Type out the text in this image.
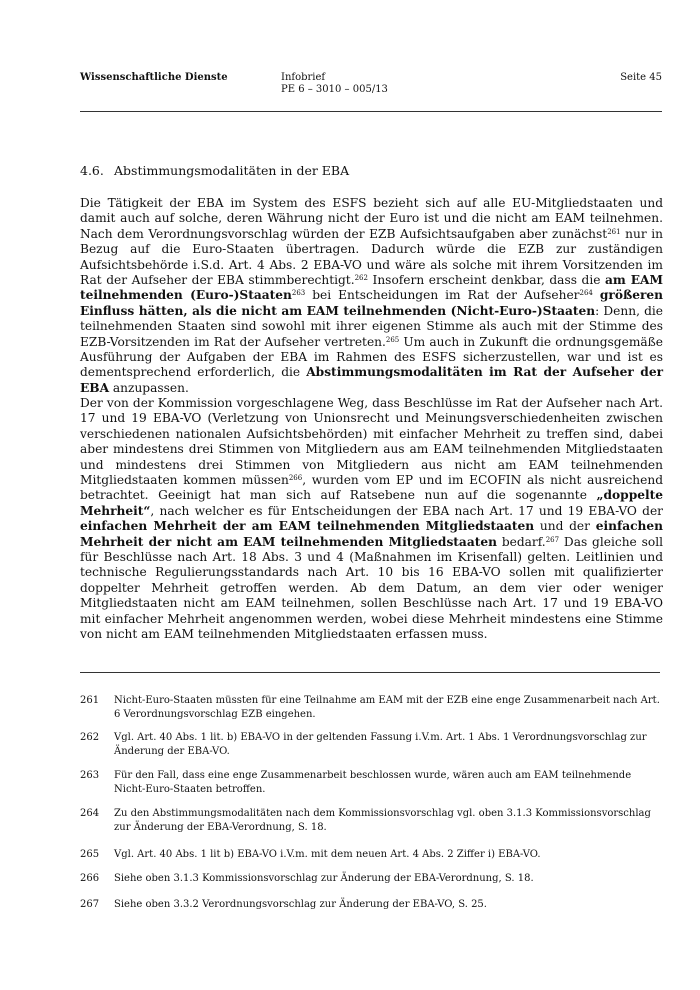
Wissenschaftliche Dienste	Infobrief
PE 6 – 3010 – 005/13
Seite 45
4.6. Abstimmungsmodalitäten in der EBA
Die Tätigkeit der EBA im System des ESFS bezieht sich auf alle EU-Mitgliedstaaten und damit auch auf solche, deren Währung nicht der Euro ist und die nicht am EAM teilnehmen. Nach dem Verordnungsvorschlag würden der EZB Aufsichtsaufgaben aber zunächst$^{261}$ nur in Bezug auf die Euro-Staaten übertragen. Dadurch würde die EZB zur zuständigen Aufsichtsbehörde i.S.d. Art. 4 Abs. 2 EBA-VO und wäre als solche mit ihrem Vorsitzenden im Rat der Aufseher der EBA stimmberechtigt.$^{262}$ Insofern erscheint denkbar, dass die am EAM teilnehmenden (Euro-)Staaten$^{263}$ bei Entscheidungen im Rat der Aufseher$^{264}$ größeren Einfluss hätten, als die nicht am EAM teilnehmenden (Nicht-Euro-)Staaten: Denn, die teilnehmenden Staaten sind sowohl mit ihrer eigenen Stimme als auch mit der Stimme des EZB-Vorsitzenden im Rat der Aufseher vertreten.$^{265}$ Um auch in Zukunft die ordnungsgemäße Ausführung der Aufgaben der EBA im Rahmen des ESFS sicherzustellen, war und ist es dementsprechend erforderlich, die Abstimmungsmodalitäten im Rat der Aufseher der EBA anzupassen.
Der von der Kommission vorgeschlagene Weg, dass Beschlüsse im Rat der Aufseher nach Art. 17 und 19 EBA-VO (Verletzung von Unionsrecht und Meinungsverschiedenheiten zwischen verschiedenen nationalen Aufsichtsbehörden) mit einfacher Mehrheit zu treffen sind, dabei aber mindestens drei Stimmen von Mitgliedern aus am EAM teilnehmenden Mitgliedstaaten und mindestens drei Stimmen von Mitgliedern aus nicht am EAM teilnehmenden Mitgliedstaaten kommen müssen$^{266}$, wurden vom EP und im ECOFIN als nicht ausreichend betrachtet. Geeinigt hat man sich auf Ratsebene nun auf die sogenannte „doppelte Mehrheit“, nach welcher es für Entscheidungen der EBA nach Art. 17 und 19 EBA-VO der einfachen Mehrheit der am EAM teilnehmenden Mitgliedstaaten und der einfachen Mehrheit der nicht am EAM teilnehmenden Mitgliedstaaten bedarf.$^{267}$ Das gleiche soll für Beschlüsse nach Art. 18 Abs. 3 und 4 (Maßnahmen im Krisenfall) gelten. Leitlinien und technische Regulierungsstandards nach Art. 10 bis 16 EBA-VO sollen mit qualifizierter doppelter Mehrheit getroffen werden. Ab dem Datum, an dem vier oder weniger Mitgliedstaaten nicht am EAM teilnehmen, sollen Beschlüsse nach Art. 17 und 19 EBA-VO mit einfacher Mehrheit angenommen werden, wobei diese Mehrheit mindestens eine Stimme von nicht am EAM teilnehmenden Mitgliedstaaten erfassen muss.
261	Nicht-Euro-Staaten müssten für eine Teilnahme am EAM mit der EZB eine enge Zusammenarbeit nach Art. 6 Verordnungsvorschlag EZB eingehen.
262	Vgl. Art. 40 Abs. 1 lit. b) EBA-VO in der geltenden Fassung i.V.m. Art. 1 Abs. 1 Verordnungsvorschlag zur Änderung der EBA-VO.
263	Für den Fall, dass eine enge Zusammenarbeit beschlossen wurde, wären auch am EAM teilnehmende Nicht-Euro-Staaten betroffen.
264	Zu den Abstimmungsmodalitäten nach dem Kommissionsvorschlag vgl. oben 3.1.3 Kommissionsvorschlag zur Änderung der EBA-Verordnung, S. 18.
265	Vgl. Art. 40 Abs. 1 lit b) EBA-VO i.V.m. mit dem neuen Art. 4 Abs. 2 Ziffer i) EBA-VO.
266	Siehe oben 3.1.3 Kommissionsvorschlag zur Änderung der EBA-Verordnung, S. 18.
267	Siehe oben 3.3.2 Verordnungsvorschlag zur Änderung der EBA-VO, S. 25.
